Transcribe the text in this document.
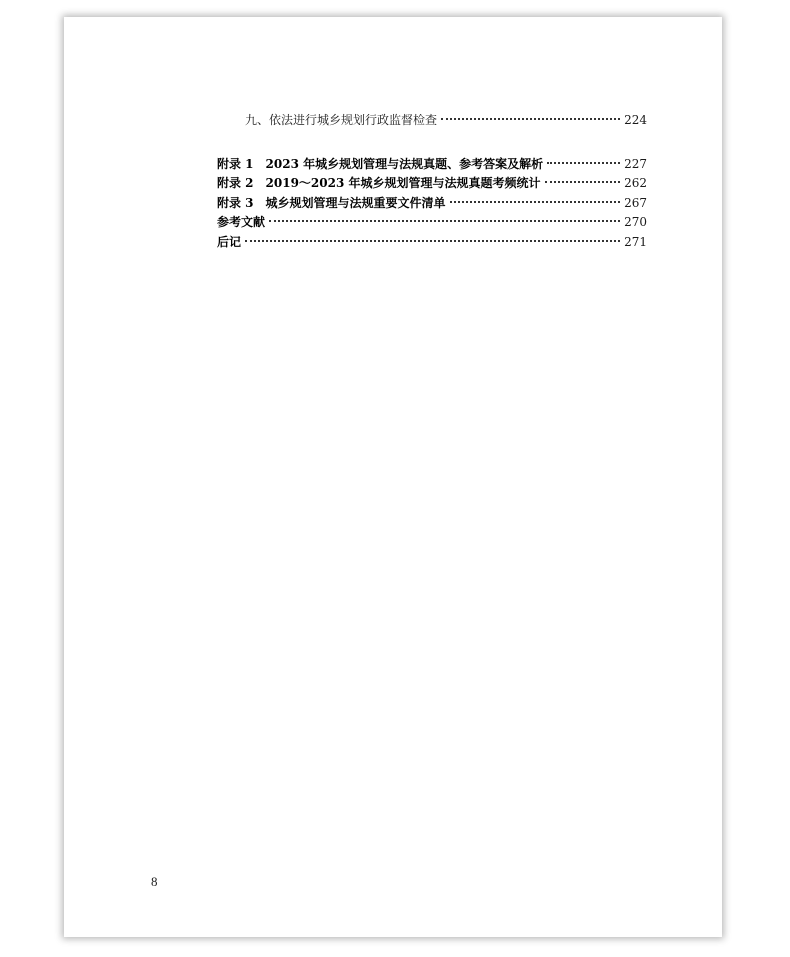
九、依法进行城乡规划行政监督检查	224
附录 1 2023 年城乡规划管理与法规真题、参考答案及解析	227
附录 2 2019～2023 年城乡规划管理与法规真题考频统计	262
附录 3 城乡规划管理与法规重要文件清单	267
参考文献	270
后记	271
8
